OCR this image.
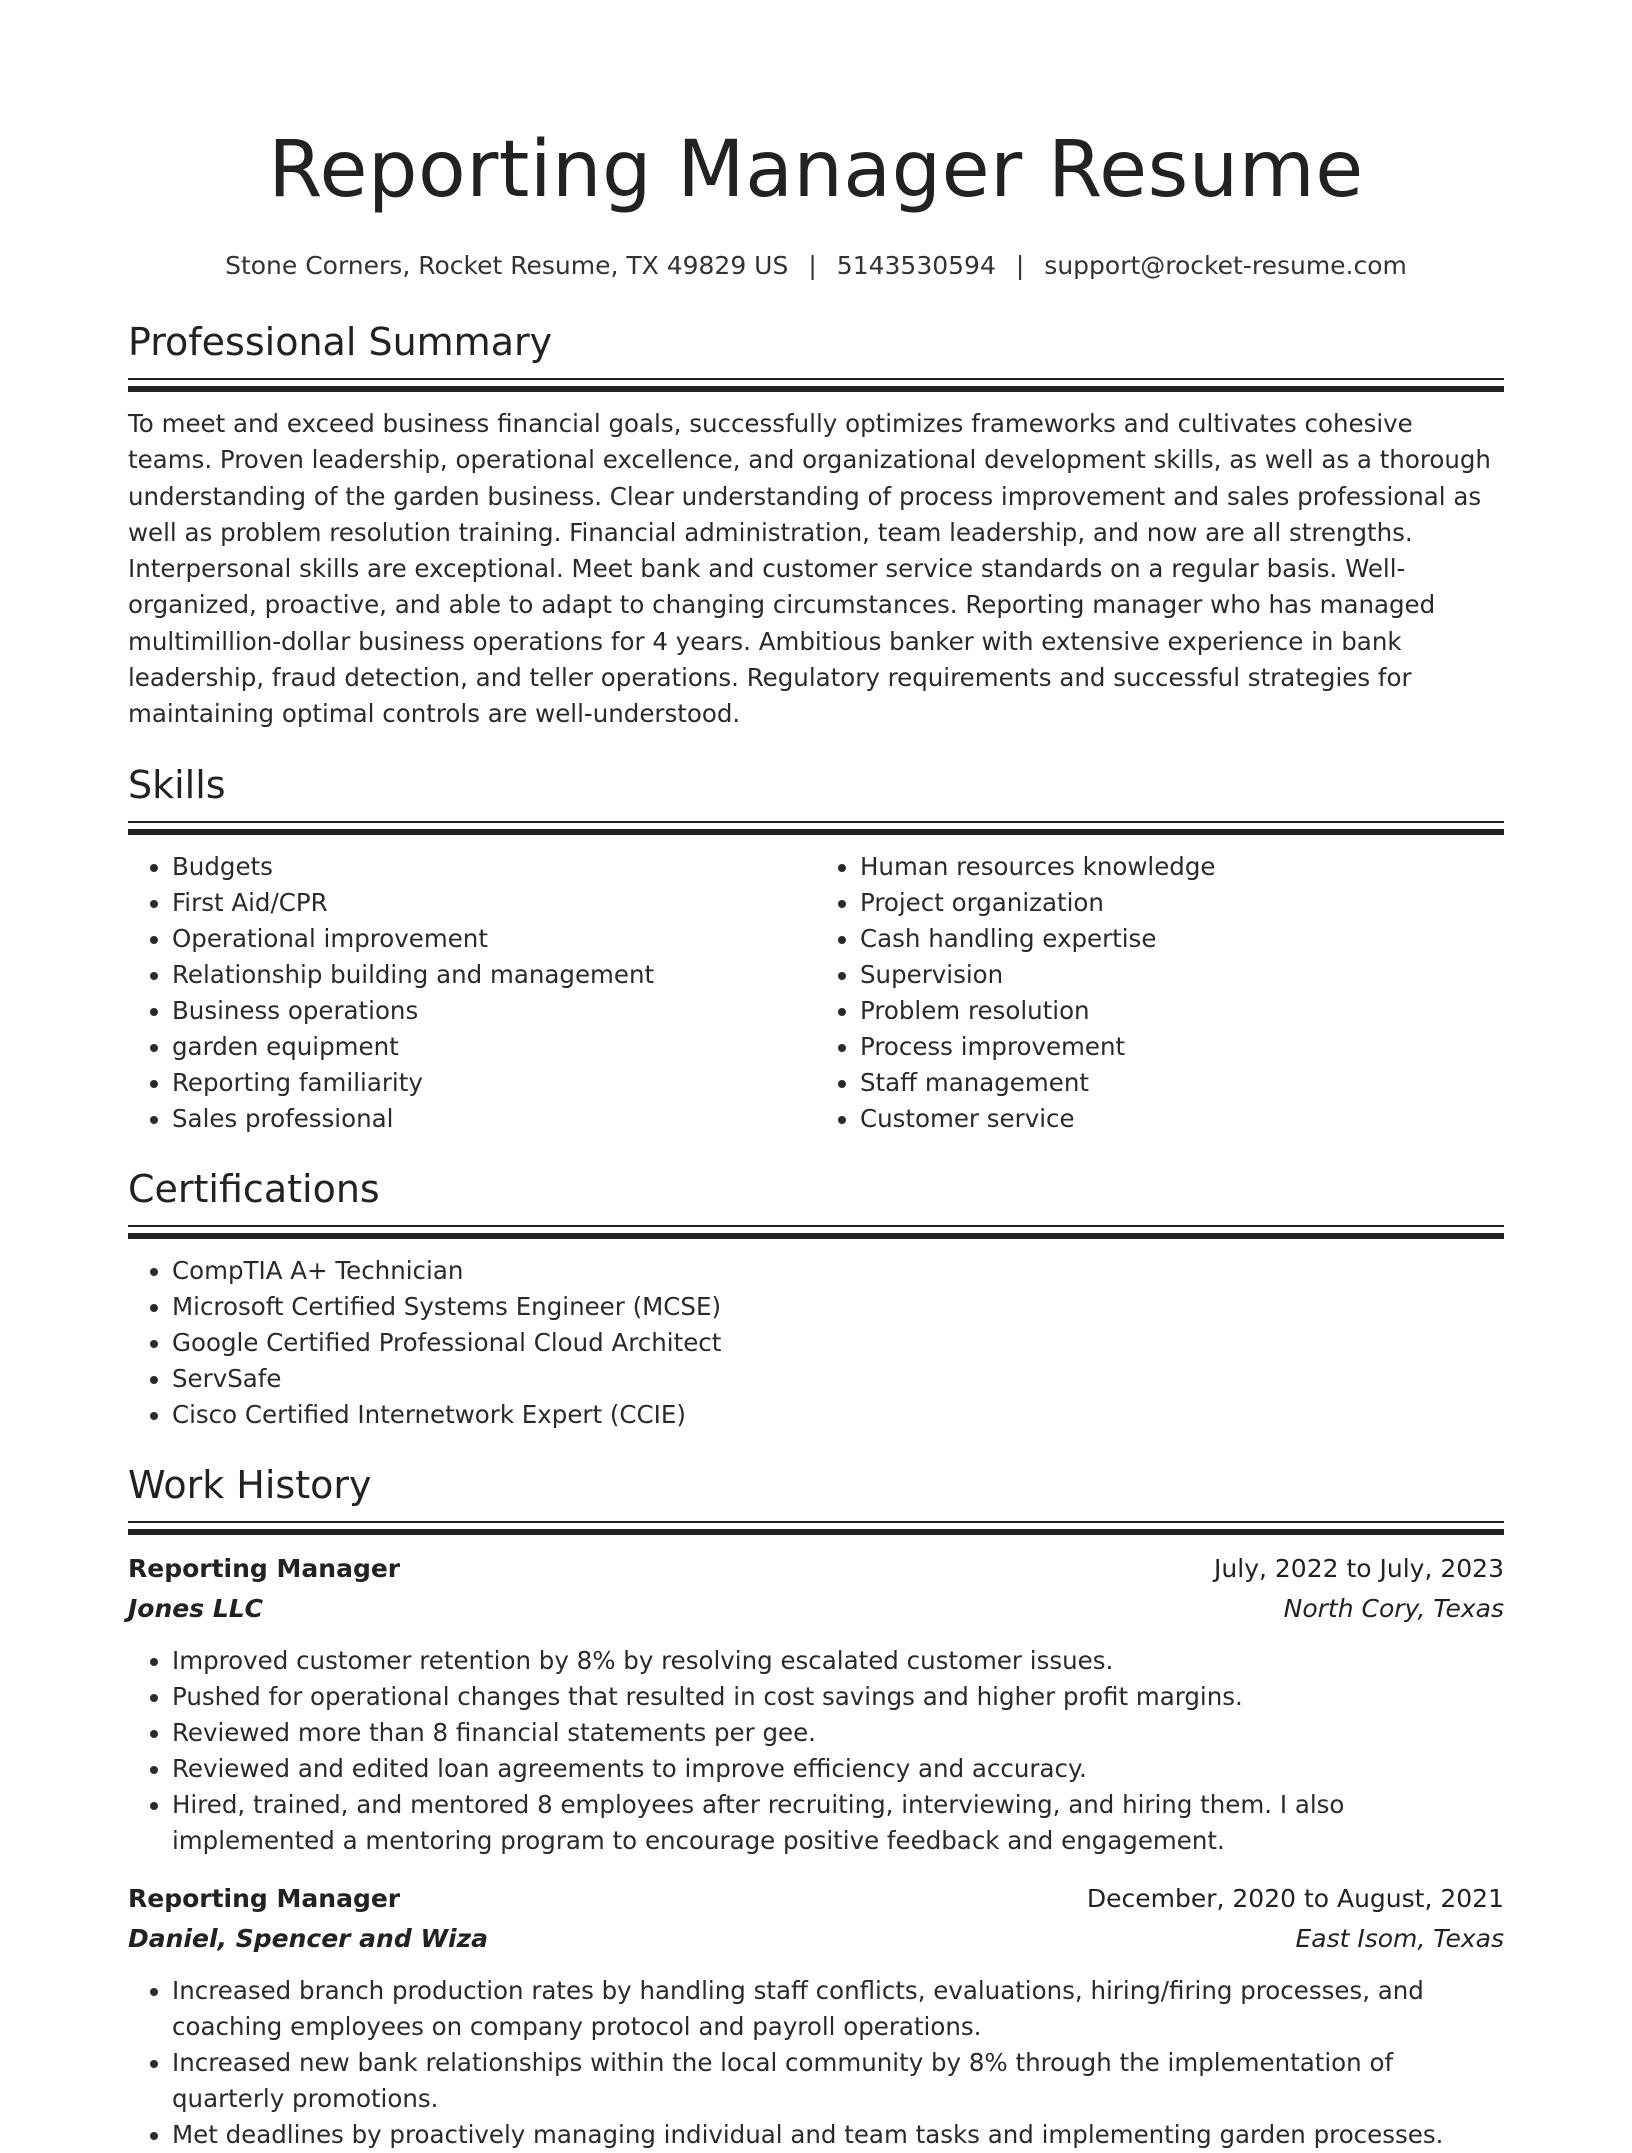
Reporting Manager Resume
Stone Corners, Rocket Resume, TX 49829 US | 5143530594 | support@rocket-resume.com
Professional Summary

To meet and exceed business financial goals, successfully optimizes frameworks and cultivates cohesive teams. Proven leadership, operational excellence, and organizational development skills, as well as a thorough understanding of the garden business. Clear understanding of process improvement and sales professional as well as problem resolution training. Financial administration, team leadership, and now are all strengths. Interpersonal skills are exceptional. Meet bank and customer service standards on a regular basis. Well-organized, proactive, and able to adapt to changing circumstances. Reporting manager who has managed multimillion-dollar business operations for 4 years. Ambitious banker with extensive experience in bank leadership, fraud detection, and teller operations. Regulatory requirements and successful strategies for maintaining optimal controls are well-understood.

Skills
• Budgets
• First Aid/CPR
• Operational improvement
• Relationship building and management
• Business operations
• garden equipment
• Reporting familiarity
• Sales professional
• Human resources knowledge
• Project organization
• Cash handling expertise
• Supervision
• Problem resolution
• Process improvement
• Staff management
• Customer service
Certifications
• CompTIA A+ Technician
• Microsoft Certified Systems Engineer (MCSE)
• Google Certified Professional Cloud Architect
• ServSafe
• Cisco Certified Internetwork Expert (CCIE)
Work History
Reporting Manager	July, 2022 to July, 2023
Jones LLC	North Cory, Texas
• Improved customer retention by 8% by resolving escalated customer issues.
• Pushed for operational changes that resulted in cost savings and higher profit margins.
• Reviewed more than 8 financial statements per gee.
• Reviewed and edited loan agreements to improve efficiency and accuracy.
• Hired, trained, and mentored 8 employees after recruiting, interviewing, and hiring them. I also implemented a mentoring program to encourage positive feedback and engagement.
Reporting Manager	December, 2020 to August, 2021
Daniel, Spencer and Wiza	East Isom, Texas
• Increased branch production rates by handling staff conflicts, evaluations, hiring/firing processes, and coaching employees on company protocol and payroll operations.
• Increased new bank relationships within the local community by 8% through the implementation of quarterly promotions.
• Met deadlines by proactively managing individual and team tasks and implementing garden processes.
